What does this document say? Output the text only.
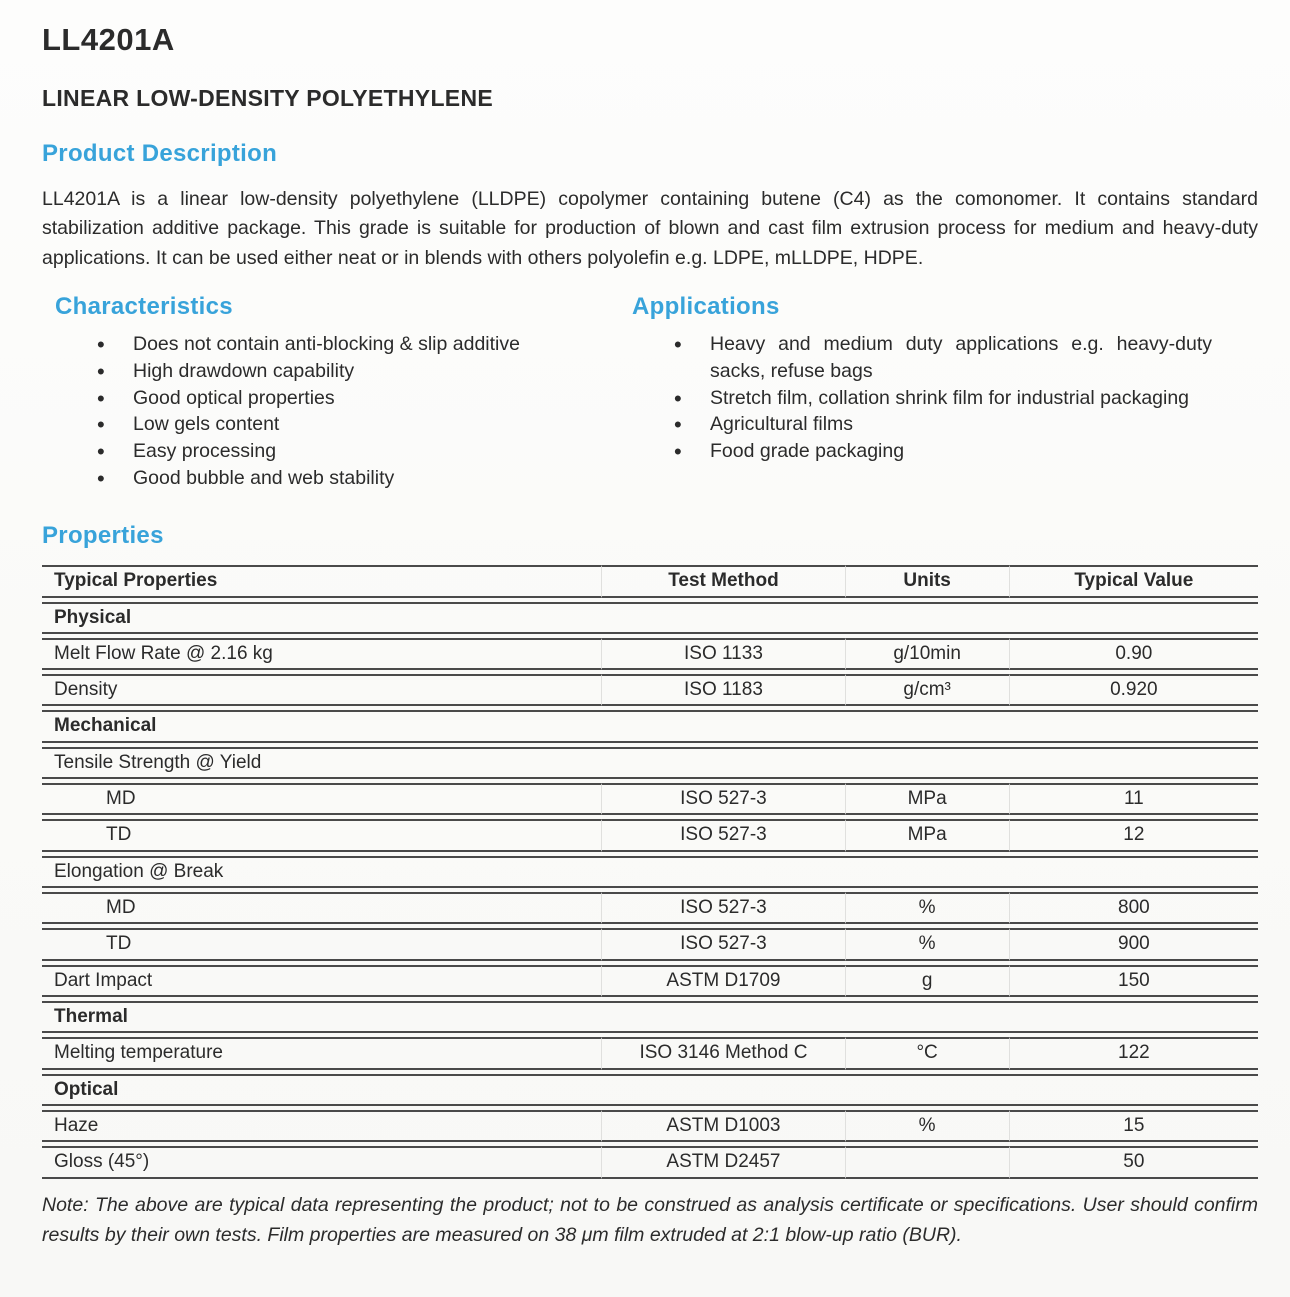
LL4201A
LINEAR LOW-DENSITY POLYETHYLENE
Product Description

LL4201A is a linear low-density polyethylene (LLDPE) copolymer containing butene (C4) as the comonomer. It contains standard stabilization additive package. This grade is suitable for production of blown and cast film extrusion process for medium and heavy-duty applications. It can be used either neat or in blends with others polyolefin e.g. LDPE, mLLDPE, HDPE.

Characteristics
• Does not contain anti-blocking & slip additive
• High drawdown capability
• Good optical properties
• Low gels content
• Easy processing
• Good bubble and web stability
Applications
• Heavy and medium duty applications e.g. heavy-duty sacks, refuse bags
• Stretch film, collation shrink film for industrial packaging
• Agricultural films
• Food grade packaging
Properties
Typical Properties	Test Method	Units	Typical Value
Physical			
Melt Flow Rate @ 2.16 kg	ISO 1133	g/10min	0.90
Density	ISO 1183	g/cm³	0.920
Mechanical			
Tensile Strength @ Yield			
MD	ISO 527-3	MPa	11
TD	ISO 527-3	MPa	12
Elongation @ Break			
MD	ISO 527-3	%	800
TD	ISO 527-3	%	900
Dart Impact	ASTM D1709	g	150
Thermal			
Melting temperature	ISO 3146 Method C	°C	122
Optical			
Haze	ASTM D1003	%	15
Gloss (45°)	ASTM D2457		50

Note: The above are typical data representing the product; not to be construed as analysis certificate or specifications. User should confirm results by their own tests. Film properties are measured on 38 μm film extruded at 2:1 blow-up ratio (BUR).
